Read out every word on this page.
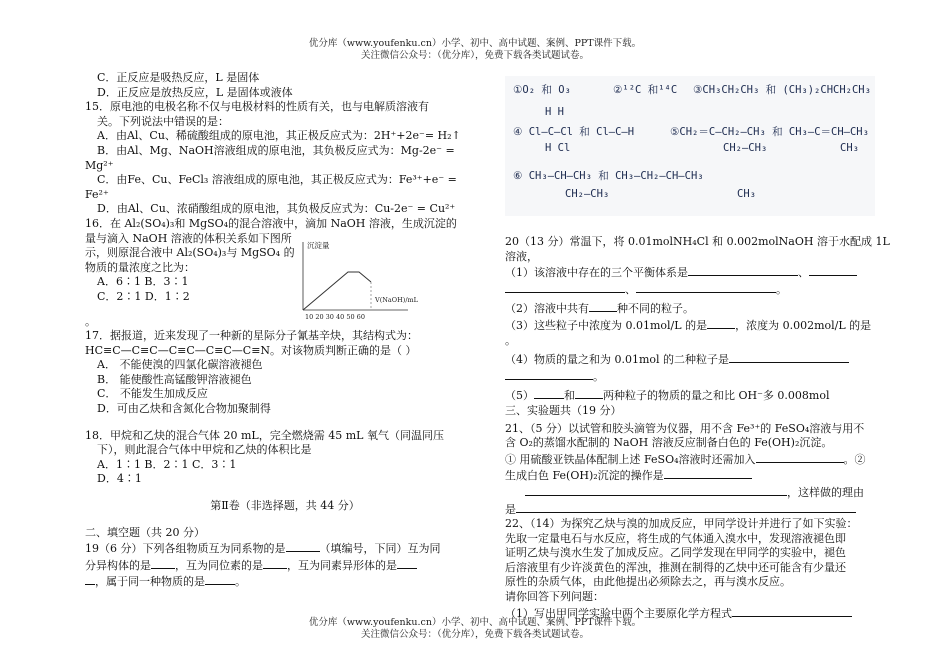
优分库（www.youfenku.cn）小学、初中、高中试题、案例、PPT课件下载。
关注微信公众号：（优分库），免费下载各类试题试卷。

C．正反应是吸热反应，L 是固体

D．正反应是放热反应，L 是固体或液体

15．原电池的电极名称不仅与电极材料的性质有关，也与电解质溶液有

关。下列说法中错误的是：

A．由Al、Cu、稀硫酸组成的原电池，其正极反应式为：2H⁺+2e⁻= H₂↑

B．由Al、Mg、NaOH溶液组成的原电池，其负极反应式为：Mg-2e⁻ =

Mg²⁺

C．由Fe、Cu、FeCl₃ 溶液组成的原电池，其正极反应式为：Fe³⁺+e⁻ =

Fe²⁺

D．由Al、Cu、浓硝酸组成的原电池，其负极反应式为：Cu-2e⁻ = Cu²⁺

16．在 Al₂(SO₄)₃和 MgSO₄的混合溶液中，滴加 NaOH 溶液，生成沉淀的

量与滴入 NaOH 溶液的体积关系如下图所

示，则原混合液中 Al₂(SO₄)₃与 MgSO₄ 的

物质的量浓度之比为：

A．6∶1 B．3∶1

C．2∶1 D．1∶2

。

17．据报道，近来发现了一种新的星际分子氰基辛炔，其结构式为：

HC≡C—C≡C—C≡C—C≡C—C≡N。对该物质判断正确的是（ ）

A． 不能使溴的四氯化碳溶液褪色

B． 能使酸性高锰酸钾溶液褪色

C． 不能发生加成反应

D．可由乙炔和含氮化合物加聚制得

18．甲烷和乙炔的混合气体 20 mL，完全燃烧需 45 mL 氧气（同温同压

下），则此混合气体中甲烷和乙炔的体积比是

A．1∶1 B．2∶1 C．3∶1

D．4∶1

第Ⅱ卷（非选择题，共 44 分）

二、填空题（共 20 分）

19（6 分）下列各组物质互为同系物的是	（填编号，下同）互为同

分异构体的是 ，互为同位素的是 ，互为同素异形体的是

，属于同一种物质的是	。

沉淀量
V(NaOH)/mL
10 20 30 40 50 60
①O₂ 和 O₃	②¹²C 和¹⁴C ③CH₃CH₂CH₃ 和 (CH₃)₂CHCH₂CH₃
H H
④ Cl—C—Cl 和 Cl—C—H
H Cl
⑤CH₂＝C—CH₂—CH₃ 和 CH₃—C＝CH—CH₃
CH₂—CH₃	CH₃
⑥ CH₃—CH—CH₃ 和 CH₃—CH₂—CH—CH₃
CH₂—CH₃	CH₃

20（13 分）常温下，将 0.01molNH₄Cl 和 0.002molNaOH 溶于水配成 1L

溶液，

（1）该溶液中存在的三个平衡体系是	、

、	。

（2）溶液中共有	种不同的粒子。

（3）这些粒子中浓度为 0.01mol/L 的是	，浓度为 0.002mol/L 的是

。

（4）物质的量之和为 0.01mol 的二种粒子是

。

（5）	和	两种粒子的物质的量之和比 OH⁻多 0.008mol

三、实验题共（19 分）

21、（5 分）以试管和胶头滴管为仪器，用不含 Fe³⁺的 FeSO₄溶液与用不

含 O₂的蒸馏水配制的 NaOH 溶液反应制备白色的 Fe(OH)₂沉淀。

① 用硫酸亚铁晶体配制上述 FeSO₄溶液时还需加入	。②

生成白色 Fe(OH)₂沉淀的操作是

，这样做的理由

是

22、（14）为探究乙炔与溴的加成反应，甲同学设计并进行了如下实验：

先取一定量电石与水反应，将生成的气体通入溴水中，发现溶液褪色即

证明乙炔与溴水生发了加成反应。乙同学发现在甲同学的实验中，褪色

后溶液里有少许淡黄色的浑浊，推测在制得的乙炔中还可能含有少量还

原性的杂质气体，由此他提出必须除去之，再与溴水反应。

请你回答下列问题：

（1）写出甲同学实验中两个主要原化学方程式

优分库（www.youfenku.cn）小学、初中、高中试题、案例、PPT课件下载。
关注微信公众号：（优分库），免费下载各类试题试卷。
